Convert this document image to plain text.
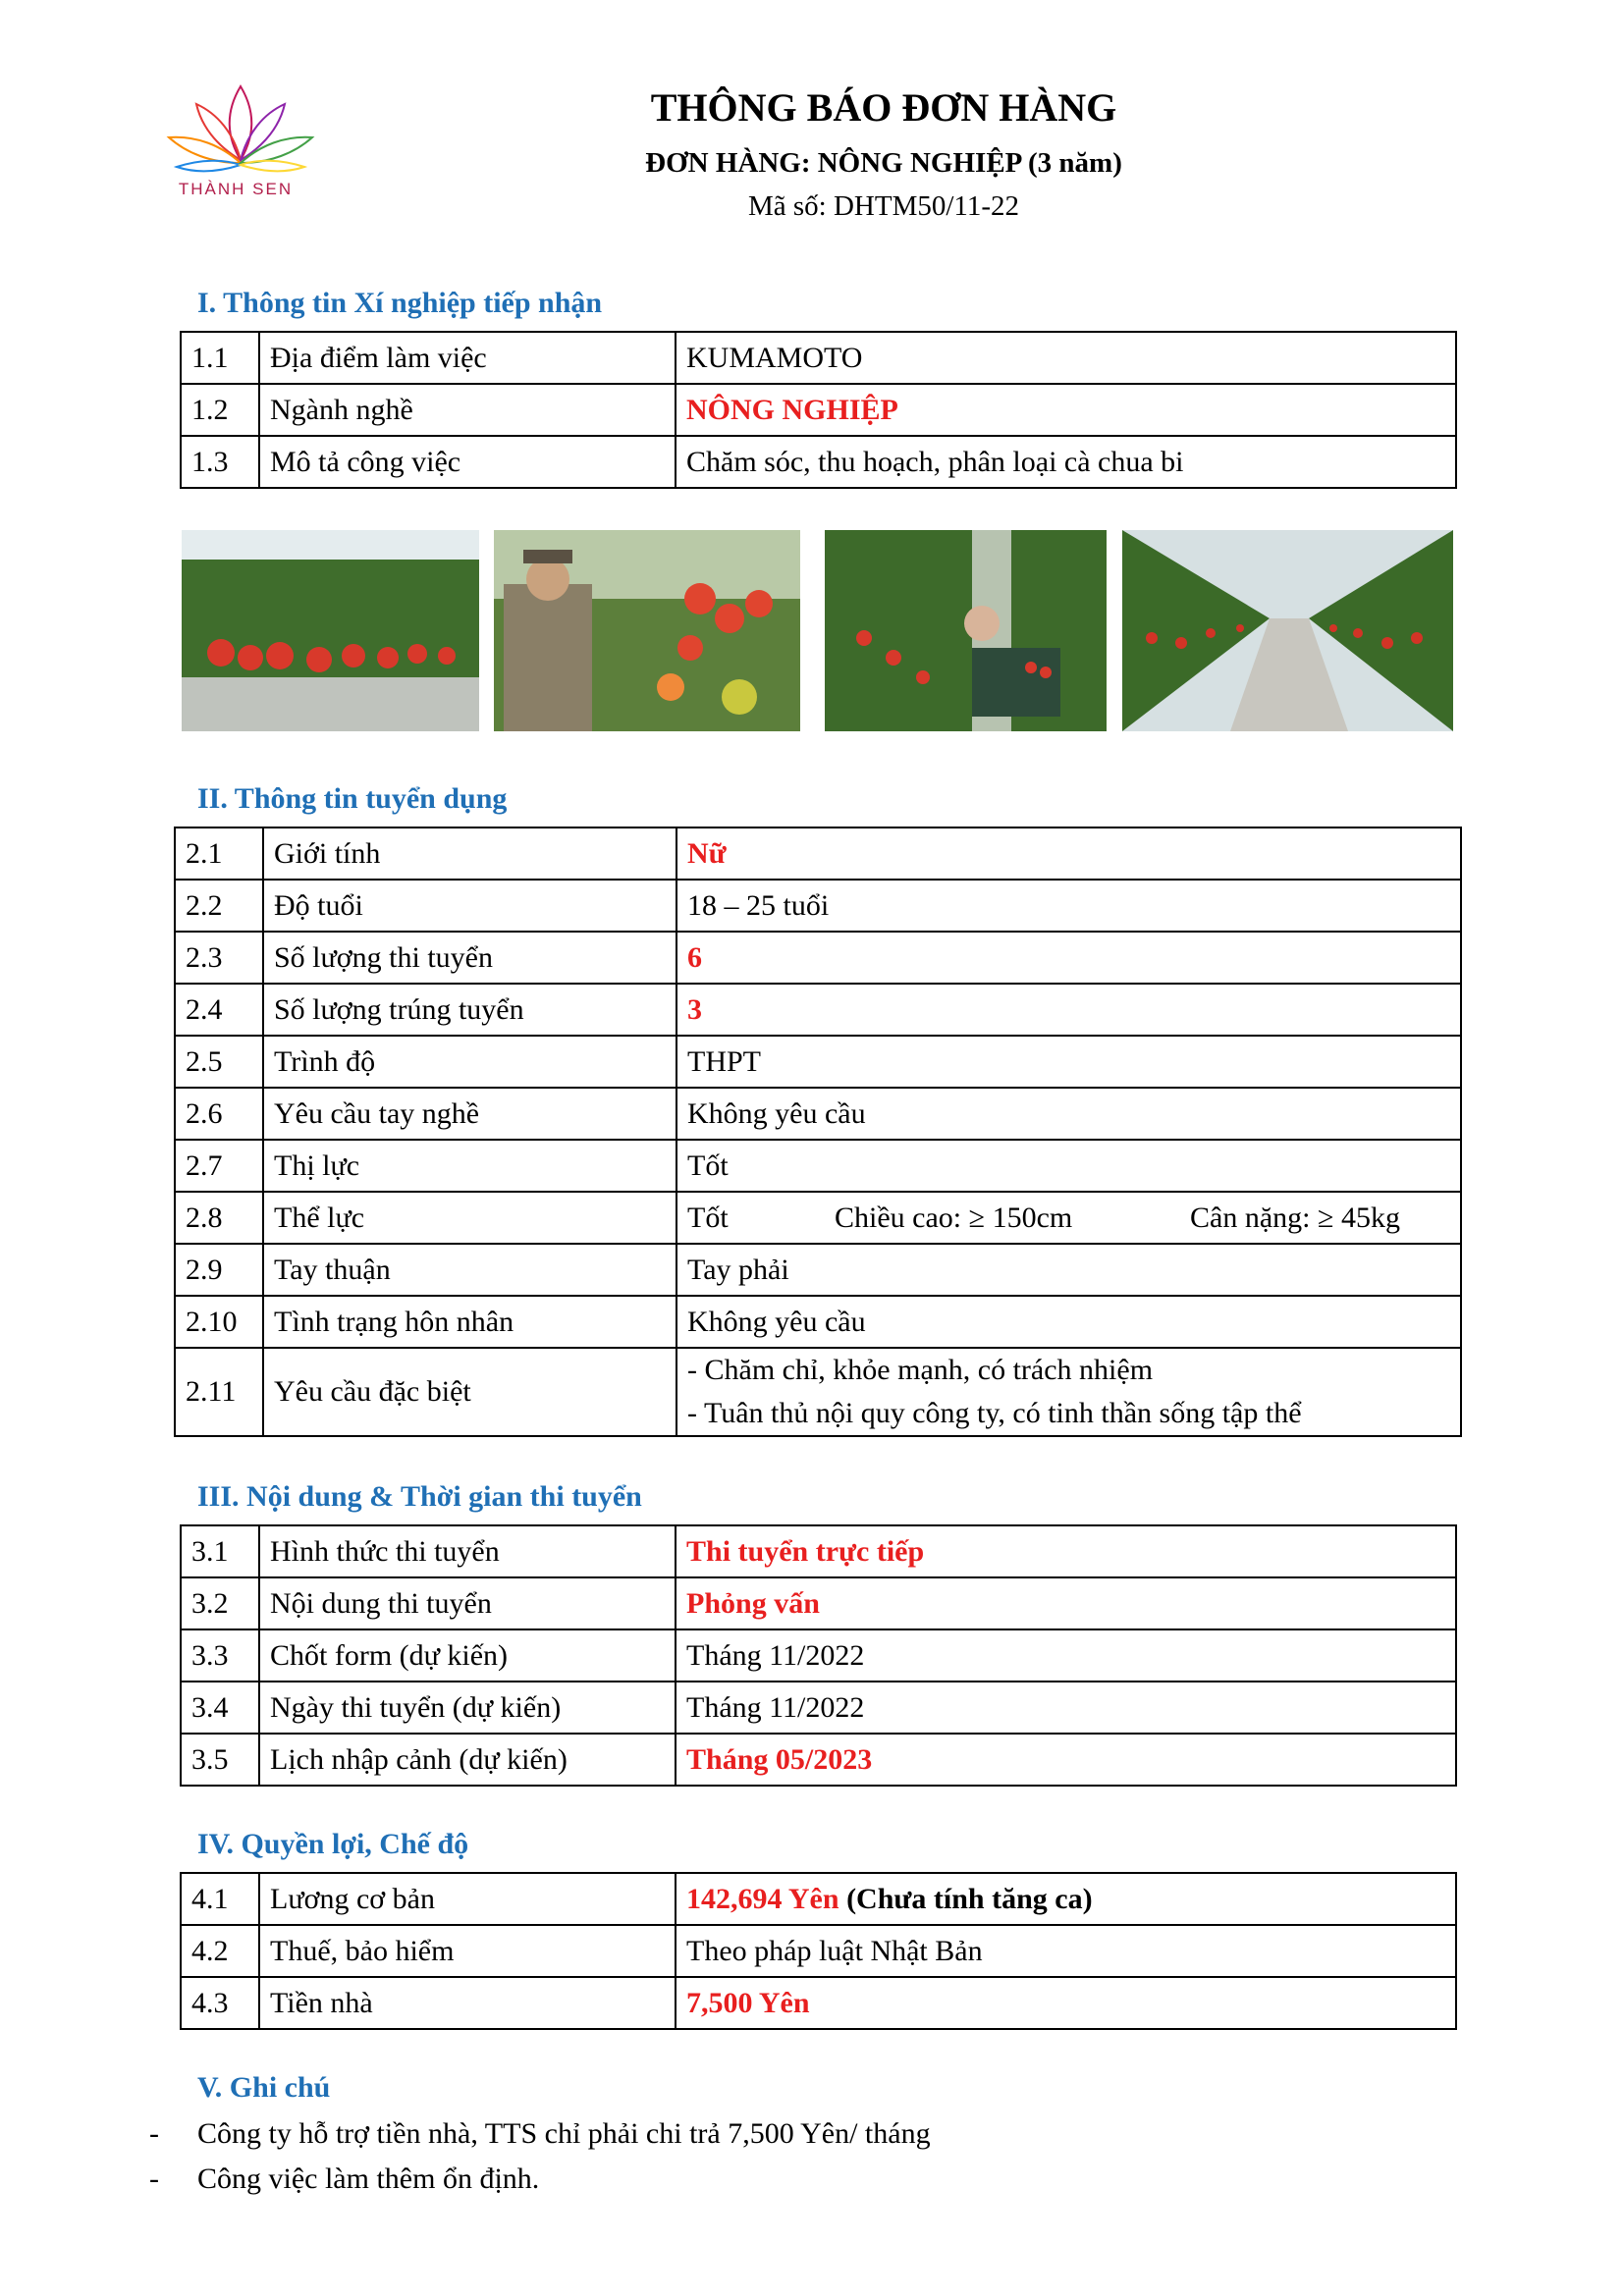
THÀNH SEN
THÔNG BÁO ĐƠN HÀNG
ĐƠN HÀNG: NÔNG NGHIỆP (3 năm)
Mã số: DHTM50/11-22
I. Thông tin Xí nghiệp tiếp nhận
1.1	Địa điểm làm việc	KUMAMOTO
1.2	Ngành nghề	NÔNG NGHIỆP
1.3	Mô tả công việc	Chăm sóc, thu hoạch, phân loại cà chua bi
II. Thông tin tuyển dụng
2.1	Giới tính	Nữ
2.2	Độ tuổi	18 – 25 tuổi
2.3	Số lượng thi tuyển	6
2.4	Số lượng trúng tuyển	3
2.5	Trình độ	THPT
2.6	Yêu cầu tay nghề	Không yêu cầu
2.7	Thị lực	Tốt
2.8	Thể lực	Tốt Chiều cao: ≥ 150cm Cân nặng: ≥ 45kg
2.9	Tay thuận	Tay phải
2.10	Tình trạng hôn nhân	Không yêu cầu
2.11	Yêu cầu đặc biệt	- Chăm chỉ, khỏe mạnh, có trách nhiệm
- Tuân thủ nội quy công ty, có tinh thần sống tập thể
III. Nội dung & Thời gian thi tuyển
3.1	Hình thức thi tuyển	Thi tuyển trực tiếp
3.2	Nội dung thi tuyển	Phỏng vấn
3.3	Chốt form (dự kiến)	Tháng 11/2022
3.4	Ngày thi tuyển (dự kiến)	Tháng 11/2022
3.5	Lịch nhập cảnh (dự kiến)	Tháng 05/2023
IV. Quyền lợi, Chế độ
4.1	Lương cơ bản	142,694 Yên (Chưa tính tăng ca)
4.2	Thuế, bảo hiểm	Theo pháp luật Nhật Bản
4.3	Tiền nhà	7,500 Yên
V. Ghi chú
- Công ty hỗ trợ tiền nhà, TTS chỉ phải chi trả 7,500 Yên/ tháng
- Công việc làm thêm ổn định.
